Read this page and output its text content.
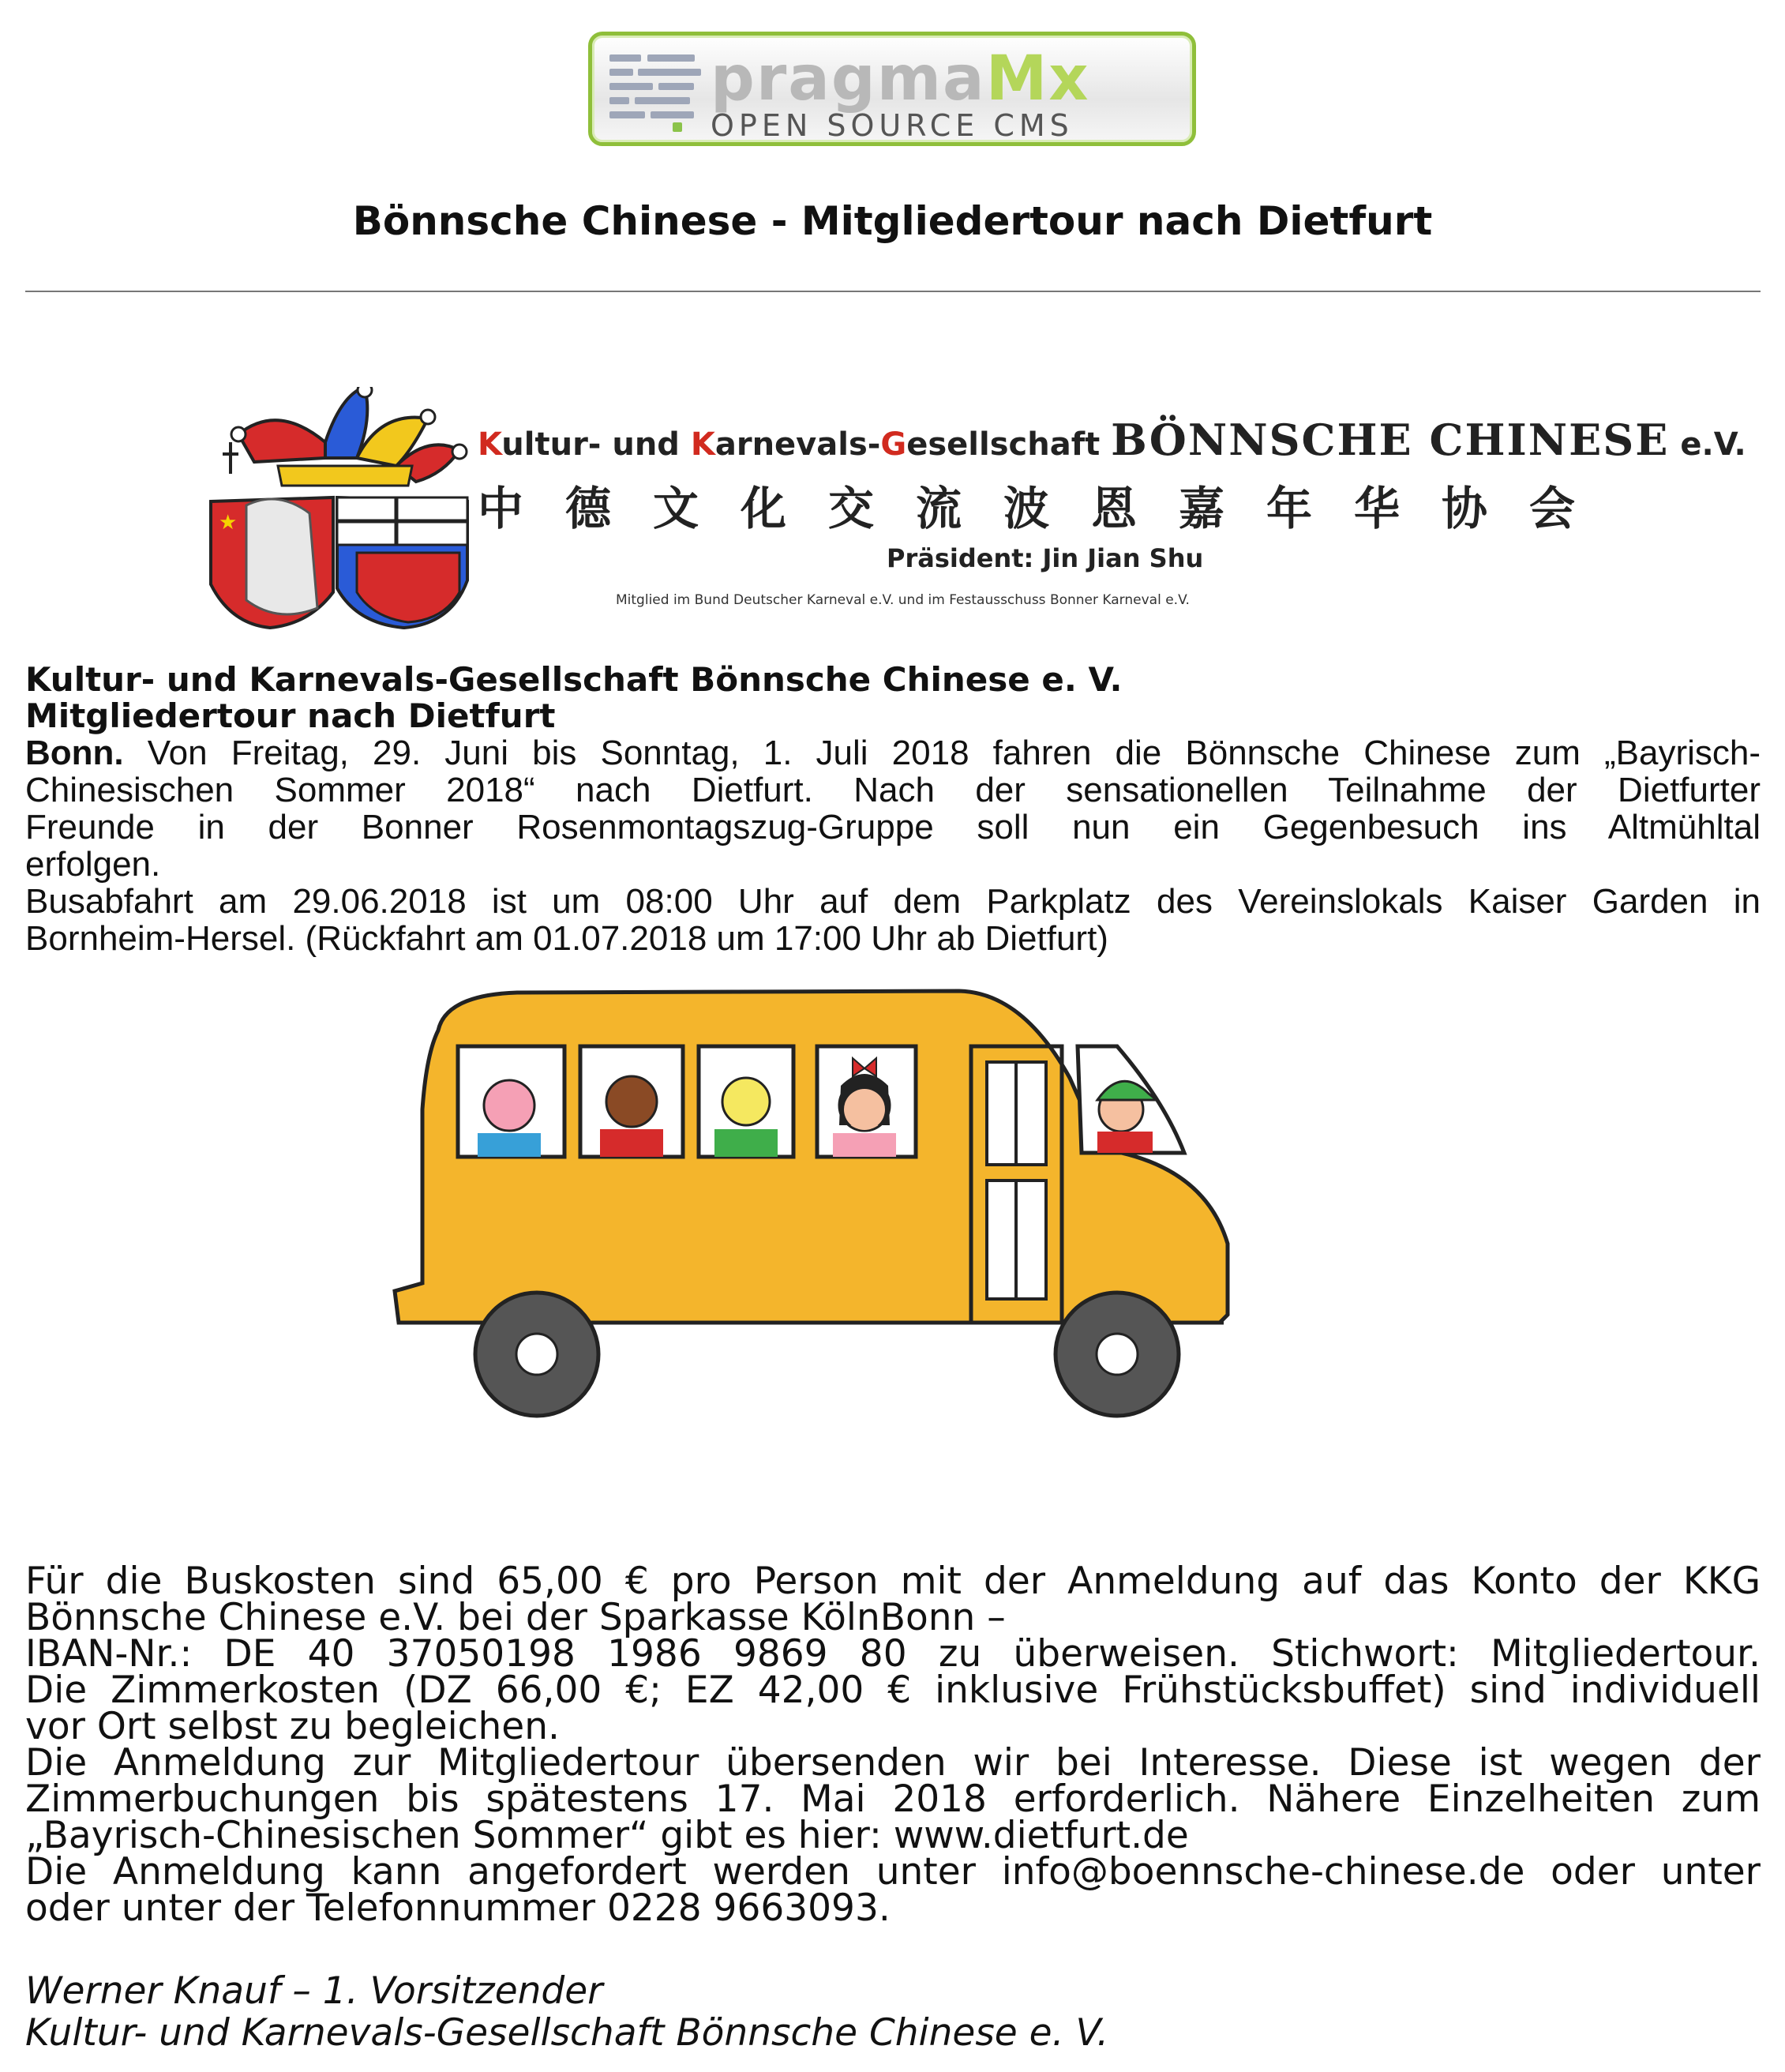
pragmaMx
OPEN SOURCE CMS
Bönnsche Chinese - Mitgliedertour nach Dietfurt
★
Kultur- und Karnevals-Gesellschaft BÖNNSCHE CHINESE e.V.
中德文化交流波恩嘉年华协会
Präsident: Jin Jian Shu
Mitglied im Bund Deutscher Karneval e.V. und im Festausschuss Bonner Karneval e.V.
Kultur- und Karnevals-Gesellschaft Bönnsche Chinese e. V.
Mitgliedertour nach Dietfurt
Bonn. Von Freitag, 29. Juni bis Sonntag, 1. Juli 2018 fahren die Bönnsche Chinese zum „Bayrisch-
Chinesischen Sommer 2018“ nach Dietfurt. Nach der sensationellen Teilnahme der Dietfurter
Freunde in der Bonner Rosenmontagszug-Gruppe soll nun ein Gegenbesuch ins Altmühltal
erfolgen.
Busabfahrt am 29.06.2018 ist um 08:00 Uhr auf dem Parkplatz des Vereinslokals Kaiser Garden in
Bornheim-Hersel. (Rückfahrt am 01.07.2018 um 17:00 Uhr ab Dietfurt)
Für die Buskosten sind 65,00 € pro Person mit der Anmeldung auf das Konto der KKG
Bönnsche Chinese e.V. bei der Sparkasse KölnBonn –
IBAN-Nr.: DE 40 37050198 1986 9869 80 zu überweisen. Stichwort: Mitgliedertour.
Die Zimmerkosten (DZ 66,00 €; EZ 42,00 € inklusive Frühstücksbuffet) sind individuell
vor Ort selbst zu begleichen.
Die Anmeldung zur Mitgliedertour übersenden wir bei Interesse. Diese ist wegen der
Zimmerbuchungen bis spätestens 17. Mai 2018 erforderlich. Nähere Einzelheiten zum
„Bayrisch-Chinesischen Sommer“ gibt es hier: www.dietfurt.de
Die Anmeldung kann angefordert werden unter info@boennsche-chinese.de oder unter
oder unter der Telefonnummer 0228 9663093.
Werner Knauf – 1. Vorsitzender
Kultur- und Karnevals-Gesellschaft Bönnsche Chinese e. V.
